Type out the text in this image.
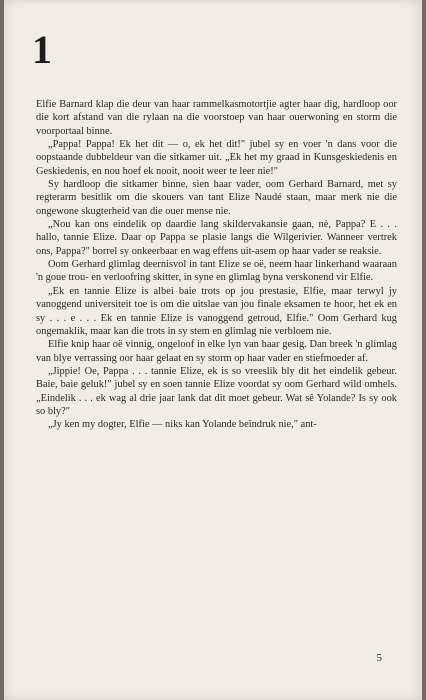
1

Elfie Barnard klap die deur van haar rammelkasmotortjie agter haar dig, hardloop oor die kort afstand van die rylaan na die voorstoep van haar ouerwoning en storm die voorportaal binne.

„Pappa! Pappa! Ek het dit — o, ek het dit!" jubel sy en voer 'n dans voor die oopstaande dubbeldeur van die sitkamer uit. „Ek het my graad in Kunsgeskiedenis en Geskiedenis, en nou hoef ek nooit, nooit weer te leer nie!"

Sy hardloop die sitkamer binne, sien haar vader, oom Gerhard Barnard, met sy regterarm besitlik om die skouers van tant Elize Naudé staan, maar merk nie die ongewone skugterheid van die ouer mense nie.

„Nou kan ons eindelik op daardie lang skildervakansie gaan, nè, Pappa? E . . . hallo, tannie Elize. Daar op Pappa se plasie langs die Wilgerivier. Wanneer vertrek ons, Pappa?" borrel sy onkeerbaar en wag effens uit-asem op haar vader se reaksie.

Oom Gerhard glimlag deernisvol in tant Elize se oë, neem haar linkerhand waaraan 'n goue trou- en verloofring skitter, in syne en glimlag byna verskonend vir Elfie.

„Ek en tannie Elize is albei baie trots op jou prestasie, Elfie, maar terwyl jy vanoggend universiteit toe is om die uitslae van jou finale eksamen te hoor, het ek en sy . . . e . . . Ek en tannie Elize is vanoggend getroud, Elfie." Oom Gerhard kug ongemaklik, maar kan die trots in sy stem en glimlag nie verbloem nie.

Elfie knip haar oë vinnig, ongeloof in elke lyn van haar gesig. Dan breek 'n glimlag van blye verrassing oor haar gelaat en sy storm op haar vader en stiefmoeder af.

„Jippie! Oe, Pappa . . . tannie Elize, ek is so vreeslik bly dit het eindelik gebeur. Baie, baie geluk!" jubel sy en soen tannie Elize voordat sy oom Gerhard wild omhels. „Eindelik . . . ek wag al drie jaar lank dat dit moet gebeur. Wat sê Yolande? Is sy ook so bly?"

„Jy ken my dogter, Elfie — niks kan Yolande beïndruk nie," ant-

5
